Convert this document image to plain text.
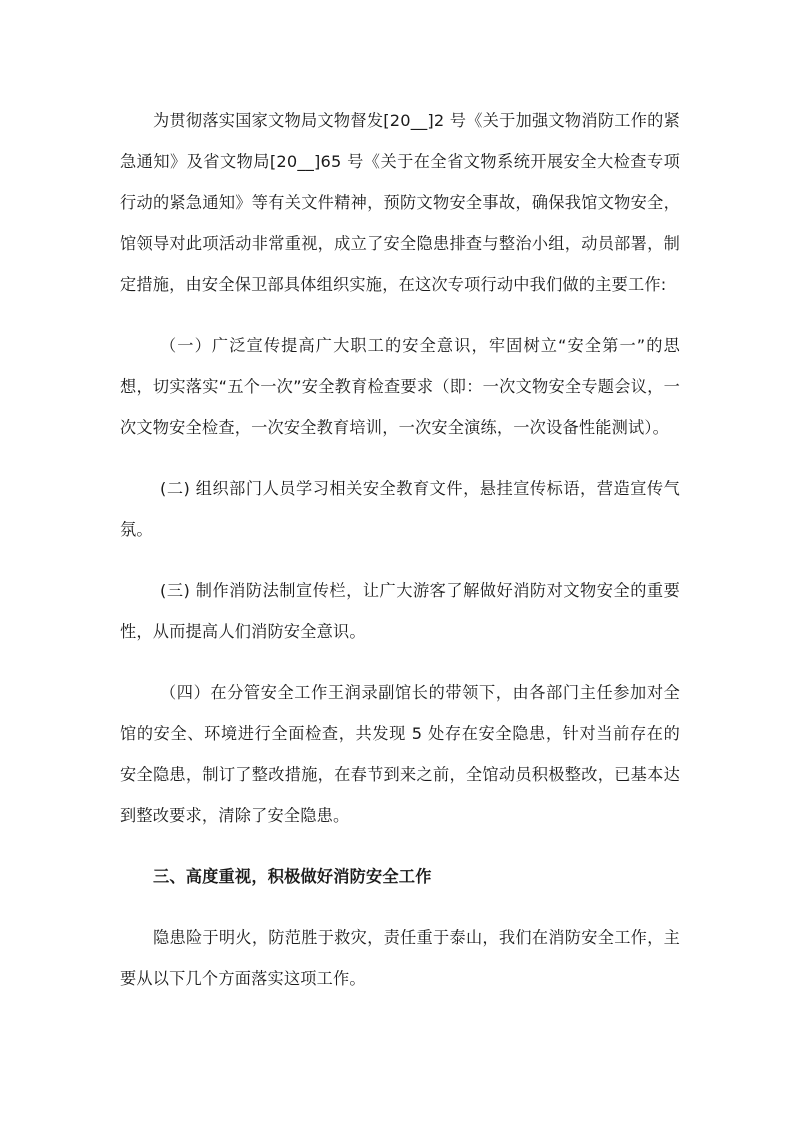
为贯彻落实国家文物局文物督发[20__]2 号《关于加强文物消防工作的紧急通知》及省文物局[20__]65 号《关于在全省文物系统开展安全大检查专项行动的紧急通知》等有关文件精神，预防文物安全事故，确保我馆文物安全，馆领导对此项活动非常重视，成立了安全隐患排查与整治小组，动员部署，制定措施，由安全保卫部具体组织实施，在这次专项行动中我们做的主要工作:

（一）广泛宣传提高广大职工的安全意识，牢固树立“安全第一”的思想，切实落实“五个一次”安全教育检查要求（即：一次文物安全专题会议，一次文物安全检查，一次安全教育培训，一次安全演练，一次设备性能测试）。

(二) 组织部门人员学习相关安全教育文件，悬挂宣传标语，营造宣传气氛。

(三) 制作消防法制宣传栏，让广大游客了解做好消防对文物安全的重要性，从而提高人们消防安全意识。

（四）在分管安全工作王润录副馆长的带领下，由各部门主任参加对全馆的安全、环境进行全面检查，共发现 5 处存在安全隐患，针对当前存在的安全隐患，制订了整改措施，在春节到来之前，全馆动员积极整改，已基本达到整改要求，清除了安全隐患。

三、高度重视，积极做好消防安全工作

隐患险于明火，防范胜于救灾，责任重于泰山，我们在消防安全工作，主要从以下几个方面落实这项工作。
